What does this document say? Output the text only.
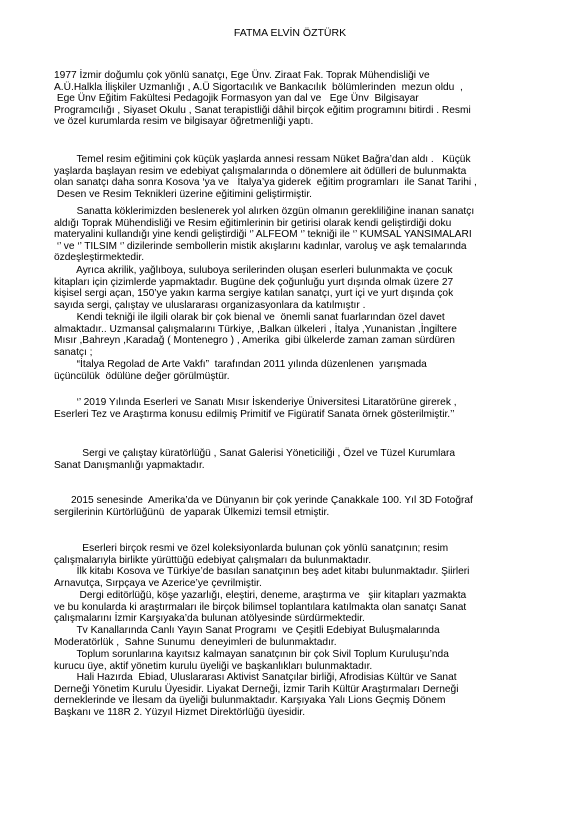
FATMA ELVİN ÖZTÜRK
1977 İzmir doğumlu çok yönlü sanatçı, Ege Ünv. Ziraat Fak. Toprak Mühendisliği ve
A.Ü.Halkla İlişkiler Uzmanlığı , A.Ü Sigortacılık ve Bankacılık  bölümlerinden  mezun oldu  ,
Ege Ünv Eğitim Fakültesi Pedagojik Formasyon yan dal ve   Ege Ünv  Bilgisayar
Programcılığı , Siyaset Okulu , Sanat terapistliği dâhil birçok eğitim programını bitirdi . Resmi
ve özel kurumlarda resim ve bilgisayar öğretmenliği yaptı.
Temel resim eğitimini çok küçük yaşlarda annesi ressam Nüket Bağra’dan aldı .   Küçük
yaşlarda başlayan resim ve edebiyat çalışmalarında o dönemlere ait ödülleri de bulunmakta
olan sanatçı daha sonra Kosova ‘ya ve   İtalya’ya giderek  eğitim programları  ile Sanat Tarihi ,
Desen ve Resim Teknikleri üzerine eğitimini geliştirmiştir.
Sanatta köklerimizden beslenerek yol alırken özgün olmanın gerekliliğine inanan sanatçı
aldığı Toprak Mühendisliği ve Resim eğitimlerinin bir getirisi olarak kendi geliştirdiği doku
materyalini kullandığı yine kendi geliştirdiği ‘’ ALFEOM ‘’ tekniği ile ‘’ KUMSAL YANSIMALARI
‘’ ve ‘’ TILSIM ‘’ dizilerinde sembollerin mistik akışlarını kadınlar, varoluş ve aşk temalarında
özdeşleştirmektedir.
Ayrıca akrilik, yağlıboya, suluboya serilerinden oluşan eserleri bulunmakta ve çocuk
kitapları için çizimlerde yapmaktadır. Bugüne dek çoğunluğu yurt dışında olmak üzere 27
kişisel sergi açan, 150’ye yakın karma sergiye katılan sanatçı, yurt içi ve yurt dışında çok
sayıda sergi, çalıştay ve uluslararası organizasyonlara da katılmıştır .
Kendi tekniği ile ilgili olarak bir çok bienal ve  önemli sanat fuarlarından özel davet
almaktadır.. Uzmansal çalışmalarını Türkiye, ,Balkan ülkeleri , İtalya ,Yunanistan ,İngiltere
Mısır ,Bahreyn ,Karadağ ( Montenegro ) , Amerika  gibi ülkelerde zaman zaman sürdüren
sanatçı ;
“İtalya Regolad de Arte Vakfı”  tarafından 2011 yılında düzenlenen  yarışmada
üçüncülük  ödülüne değer görülmüştür.
‘’ 2019 Yılında Eserleri ve Sanatı Mısır İskenderiye Üniversitesi Litaratörüne girerek ,
Eserleri Tez ve Araştırma konusu edilmiş Primitif ve Figüratif Sanata örnek gösterilmiştir.’’
Sergi ve çalıştay küratörlüğü , Sanat Galerisi Yöneticiliği , Özel ve Tüzel Kurumlara
Sanat Danışmanlığı yapmaktadır.
2015 senesinde  Amerika’da ve Dünyanın bir çok yerinde Çanakkale 100. Yıl 3D Fotoğraf
sergilerinin Kürtörlüğünü  de yaparak Ülkemizi temsil etmiştir.
Eserleri birçok resmi ve özel koleksiyonlarda bulunan çok yönlü sanatçının; resim
çalışmalarıyla birlikte yürüttüğü edebiyat çalışmaları da bulunmaktadır.
İlk kitabı Kosova ve Türkiye’de basılan sanatçının beş adet kitabı bulunmaktadır. Şiirleri
Arnavutça, Sırpçaya ve Azerice’ye çevrilmiştir.
Dergi editörlüğü, köşe yazarlığı, eleştiri, deneme, araştırma ve   şiir kitapları yazmakta
ve bu konularda ki araştırmaları ile birçok bilimsel toplantılara katılmakta olan sanatçı Sanat
çalışmalarını İzmir Karşıyaka’da bulunan atölyesinde sürdürmektedir.
Tv Kanallarında Canlı Yayın Sanat Programı  ve Çeşitli Edebiyat Buluşmalarında
Moderatörlük ,  Sahne Sunumu  deneyimleri de bulunmaktadır.
Toplum sorunlarına kayıtsız kalmayan sanatçının bir çok Sivil Toplum Kuruluşu’nda
kurucu üye, aktif yönetim kurulu üyeliği ve başkanlıkları bulunmaktadır.
Hali Hazırda  Ebiad, Uluslararası Aktivist Sanatçılar birliği, Afrodisias Kültür ve Sanat
Derneği Yönetim Kurulu Üyesidir. Liyakat Derneği, İzmir Tarih Kültür Araştırmaları Derneği
derneklerinde ve İlesam da üyeliği bulunmaktadır. Karşıyaka Yalı Lions Geçmiş Dönem
Başkanı ve 118R 2. Yüzyıl Hizmet Direktörlüğü üyesidir.
